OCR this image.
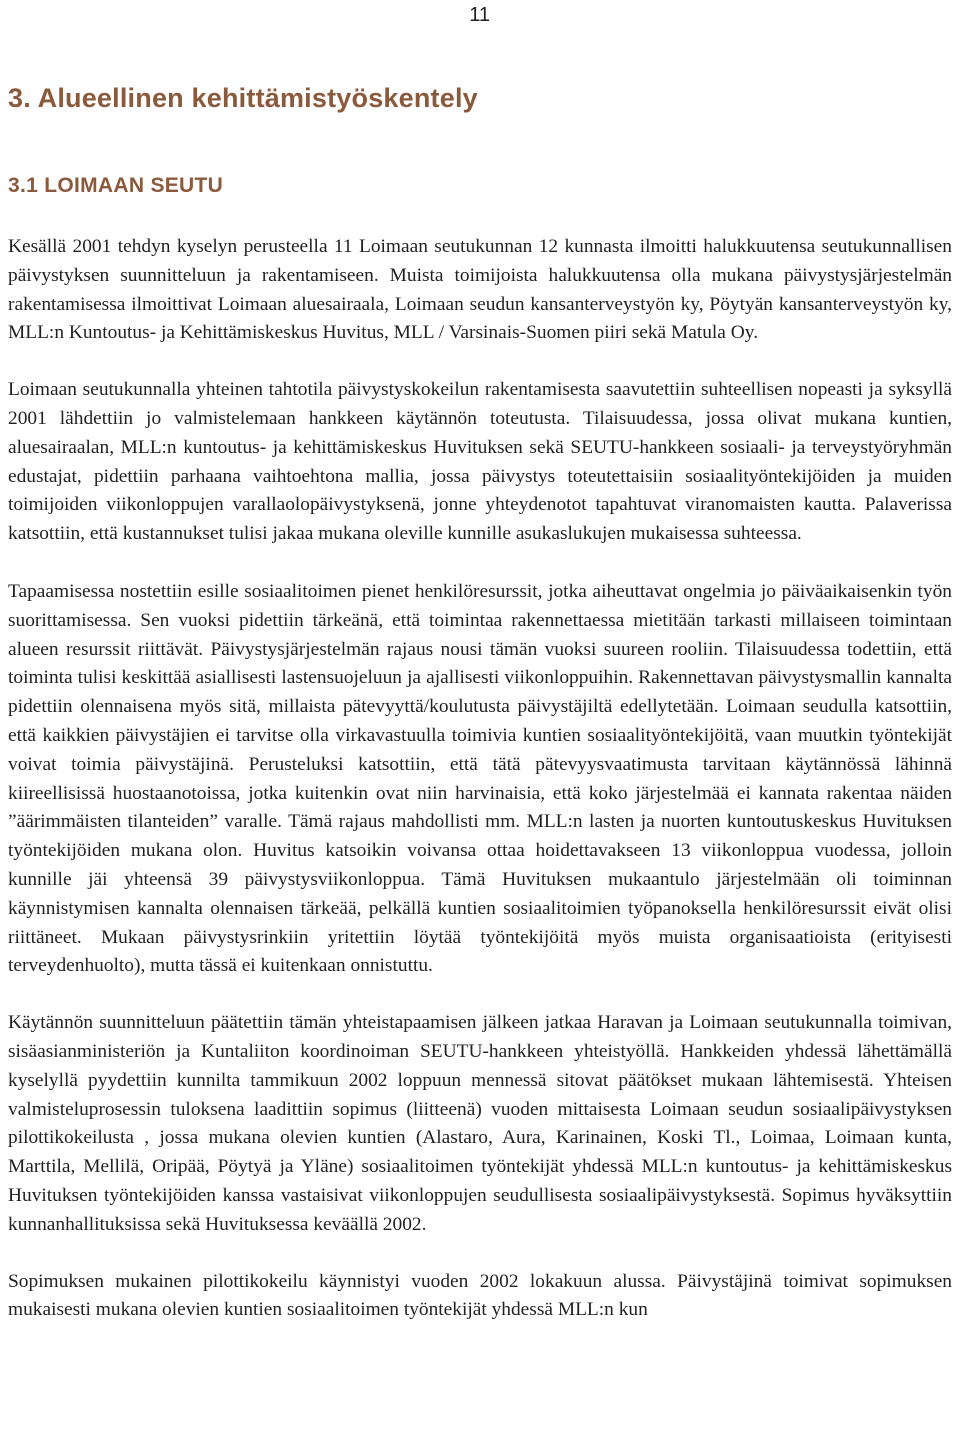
11
3. Alueellinen kehittämistyöskentely
3.1 LOIMAAN SEUTU

Kesällä 2001 tehdyn kyselyn perusteella 11 Loimaan seutukunnan 12 kunnasta ilmoitti halukkuutensa seutukunnallisen päivystyksen suunnitteluun ja rakentamiseen. Muista toimijoista halukkuutensa olla mukana päivystysjärjestelmän rakentamisessa ilmoittivat Loimaan aluesairaala, Loimaan seudun kansanterveystyön ky, Pöytyän kansanterveystyön ky, MLL:n Kuntoutus- ja Kehittämiskeskus Huvitus, MLL / Varsinais-Suomen piiri sekä Matula Oy.

Loimaan seutukunnalla yhteinen tahtotila päivystyskokeilun rakentamisesta saavutettiin suhteellisen nopeasti ja syksyllä 2001 lähdettiin jo valmistelemaan hankkeen käytännön toteutusta. Tilaisuudessa, jossa olivat mukana kuntien, aluesairaalan, MLL:n kuntoutus- ja kehittämiskeskus Huvituksen sekä SEUTU-hankkeen sosiaali- ja terveystyöryhmän edustajat, pidettiin parhaana vaihtoehtona mallia, jossa päivystys toteutettaisiin sosiaalityöntekijöiden ja muiden toimijoiden viikonloppujen varallaolopäivystyksenä, jonne yhteydenotot tapahtuvat viranomaisten kautta. Palaverissa katsottiin, että kustannukset tulisi jakaa mukana oleville kunnille asukaslukujen mukaisessa suhteessa.

Tapaamisessa nostettiin esille sosiaalitoimen pienet henkilöresurssit, jotka aiheuttavat ongelmia jo päiväaikaisenkin työn suorittamisessa. Sen vuoksi pidettiin tärkeänä, että toimintaa rakennettaessa mietitään tarkasti millaiseen toimintaan alueen resurssit riittävät. Päivystysjärjestelmän rajaus nousi tämän vuoksi suureen rooliin. Tilaisuudessa todettiin, että toiminta tulisi keskittää asiallisesti lastensuojeluun ja ajallisesti viikonloppuihin. Rakennettavan päivystysmallin kannalta pidettiin olennaisena myös sitä, millaista pätevyyttä/koulutusta päivystäjiltä edellytetään. Loimaan seudulla katsottiin, että kaikkien päivystäjien ei tarvitse olla virkavastuulla toimivia kuntien sosiaalityöntekijöitä, vaan muutkin työntekijät voivat toimia päivystäjinä. Perusteluksi katsottiin, että tätä pätevyysvaatimusta tarvitaan käytännössä lähinnä kiireellisissä huostaanotoissa, jotka kuitenkin ovat niin harvinaisia, että koko järjestelmää ei kannata rakentaa näiden ”äärimmäisten tilanteiden” varalle. Tämä rajaus mahdollisti mm. MLL:n lasten ja nuorten kuntoutuskeskus Huvituksen työntekijöiden mukana olon. Huvitus katsoikin voivansa ottaa hoidettavakseen 13 viikonloppua vuodessa, jolloin kunnille jäi yhteensä 39 päivystysviikonloppua. Tämä Huvituksen mukaantulo järjestelmään oli toiminnan käynnistymisen kannalta olennaisen tärkeää, pelkällä kuntien sosiaalitoimien työpanoksella henkilöresurssit eivät olisi riittäneet. Mukaan päivystysrinkiin yritettiin löytää työntekijöitä myös muista organisaatioista (erityisesti terveydenhuolto), mutta tässä ei kuitenkaan onnistuttu.

Käytännön suunnitteluun päätettiin tämän yhteistapaamisen jälkeen jatkaa Haravan ja Loimaan seutukunnalla toimivan, sisäasianministeriön ja Kuntaliiton koordinoiman SEUTU-hankkeen yhteistyöllä. Hankkeiden yhdessä lähettämällä kyselyllä pyydettiin kunnilta tammikuun 2002 loppuun mennessä sitovat päätökset mukaan lähtemisestä. Yhteisen valmisteluprosessin tuloksena laadittiin sopimus (liitteenä) vuoden mittaisesta Loimaan seudun sosiaalipäivystyksen pilottikokeilusta , jossa mukana olevien kuntien (Alastaro, Aura, Karinainen, Koski Tl., Loimaa, Loimaan kunta, Marttila, Mellilä, Oripää, Pöytyä ja Yläne) sosiaalitoimen työntekijät yhdessä MLL:n kuntoutus- ja kehittämiskeskus Huvituksen työntekijöiden kanssa vastaisivat viikonloppujen seudullisesta sosiaalipäivystyksestä. Sopimus hyväksyttiin kunnanhallituksissa sekä Huvituksessa keväällä 2002.

Sopimuksen mukainen pilottikokeilu käynnistyi vuoden 2002 lokakuun alussa. Päivystäjinä toimivat sopimuksen mukaisesti mukana olevien kuntien sosiaalitoimen työntekijät yhdessä MLL:n kun
